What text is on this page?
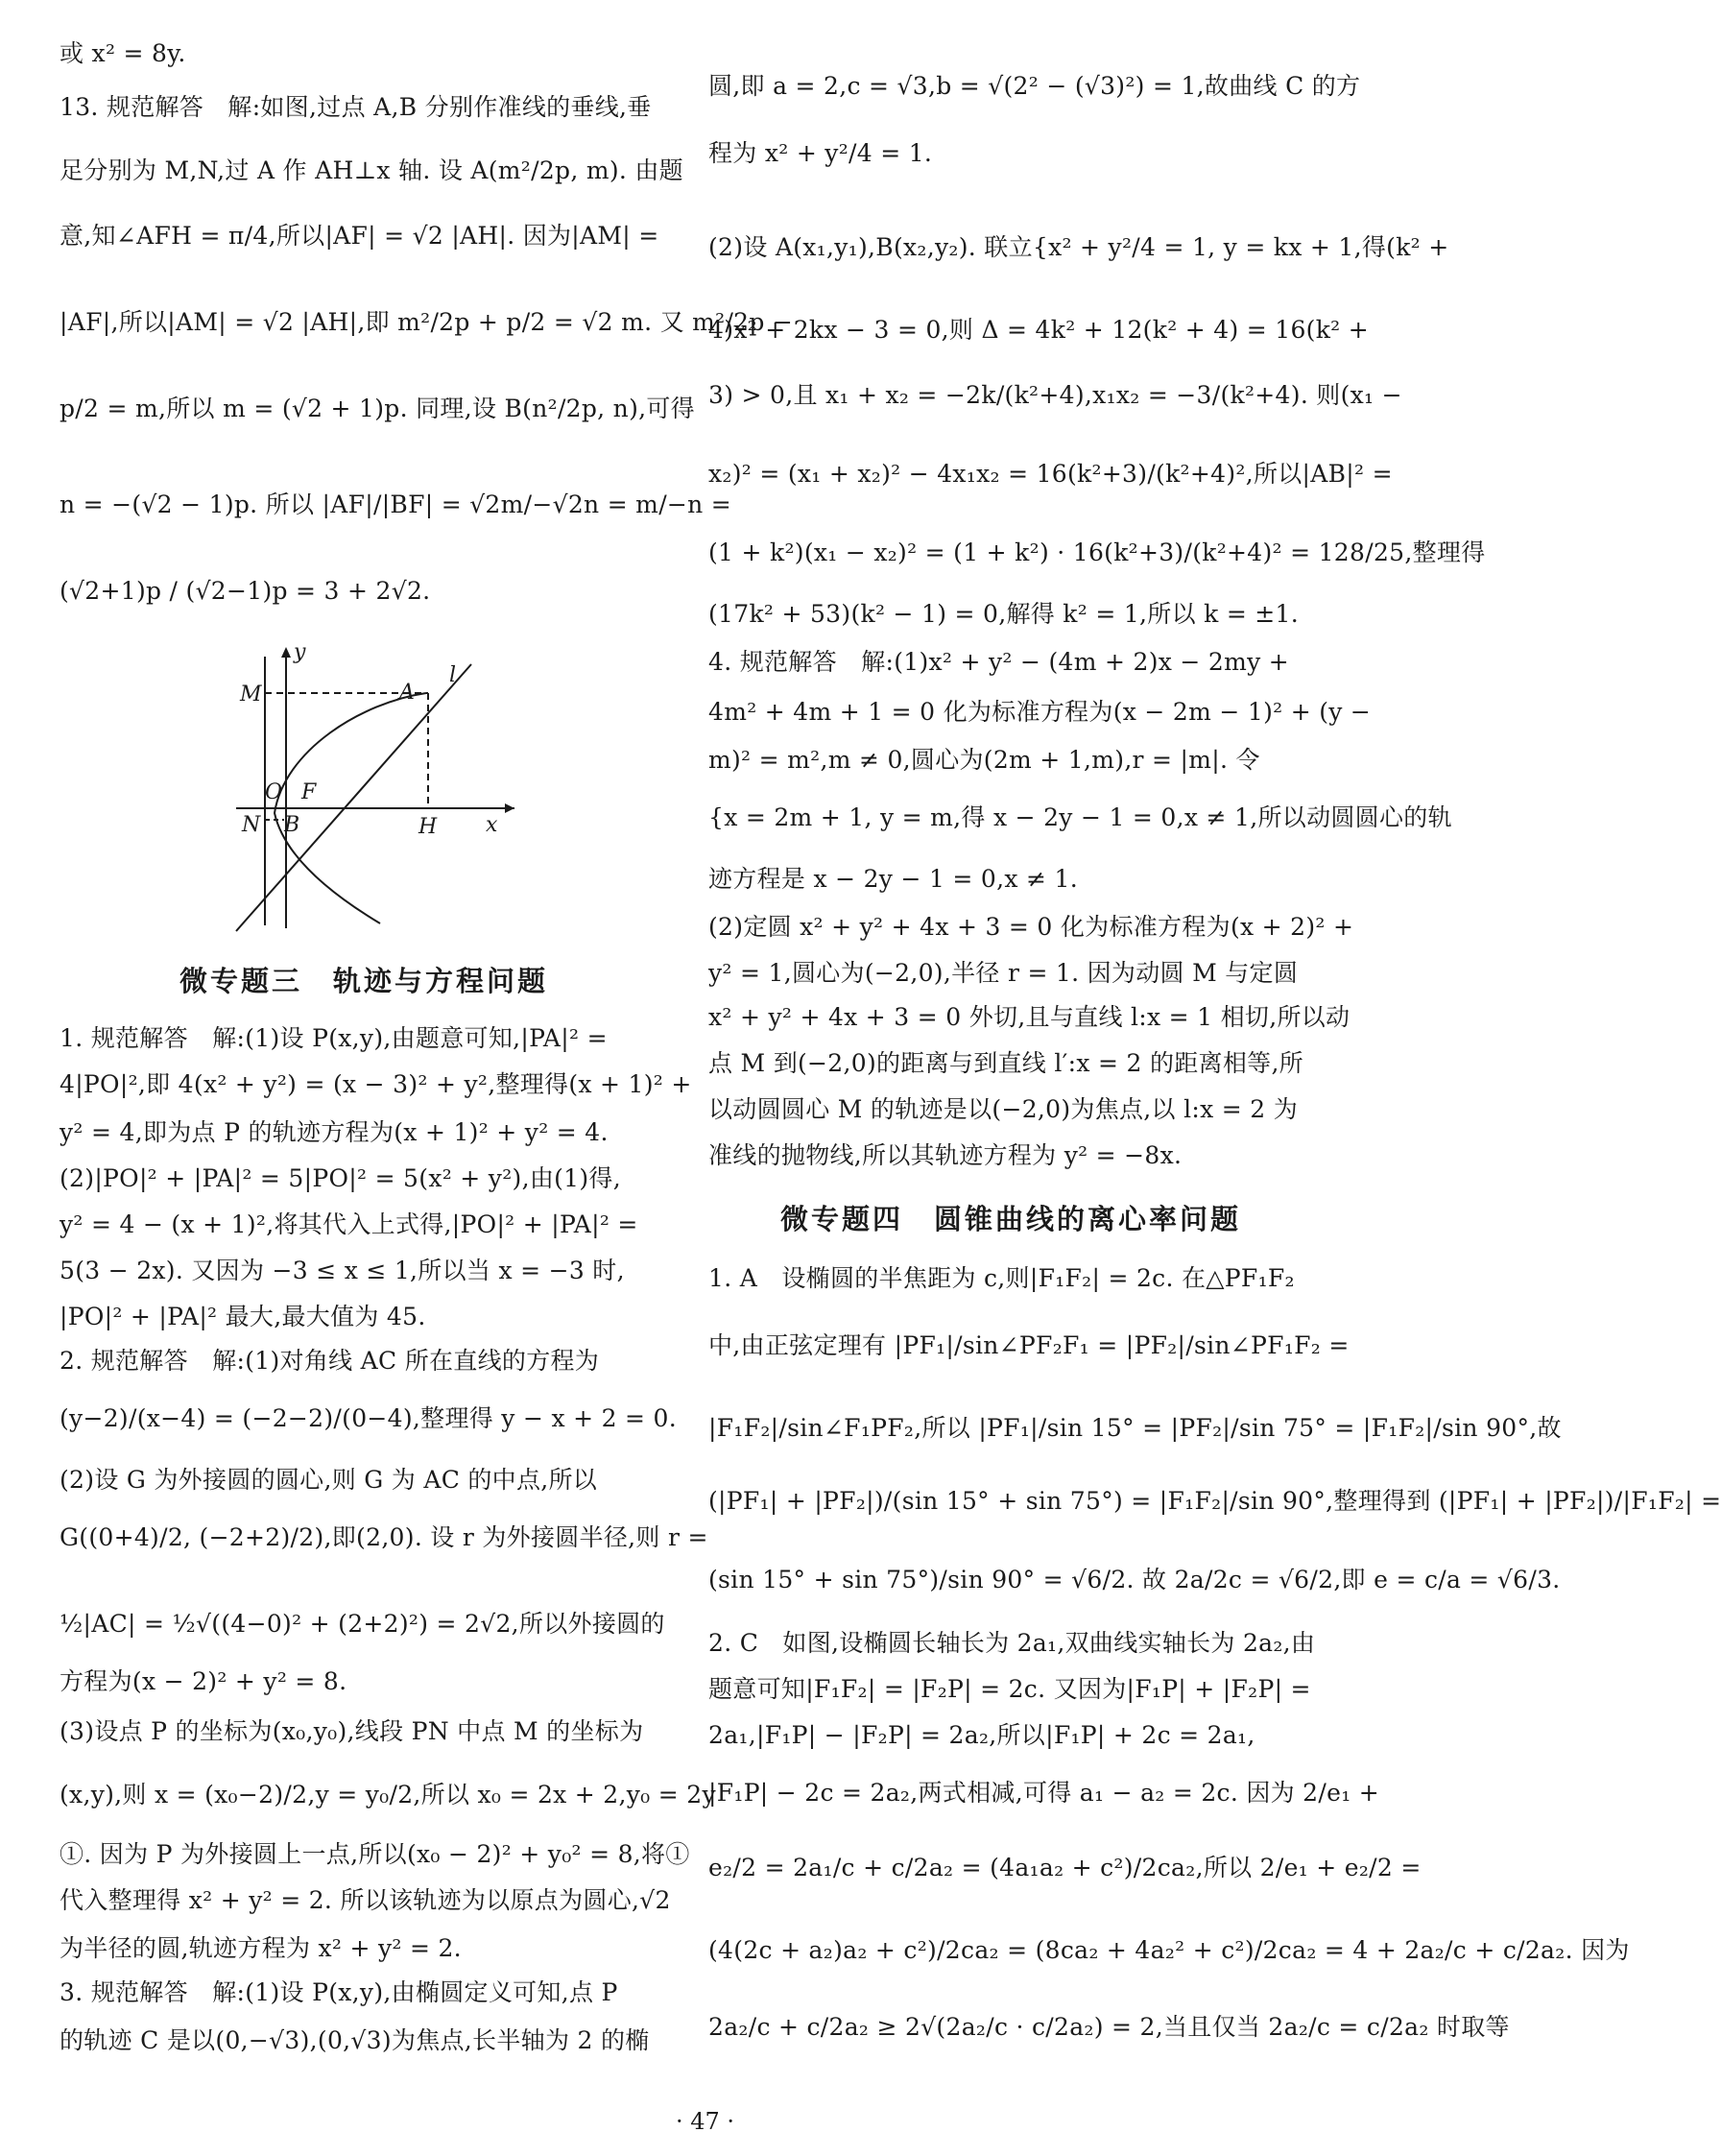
或 x² = 8y.
13. 规范解答　解:如图,过点 A,B 分别作准线的垂线,垂
足分别为 M,N,过 A 作 AH⊥x 轴. 设 A(m²/2p, m). 由题
意,知∠AFH = π/4,所以|AF| = √2 |AH|. 因为|AM| =
|AF|,所以|AM| = √2 |AH|,即 m²/2p + p/2 = √2 m. 又 m²/2p −
p/2 = m,所以 m = (√2 + 1)p. 同理,设 B(n²/2p, n),可得
n = −(√2 − 1)p. 所以 |AF|/|BF| = √2m/−√2n = m/−n =
(√2+1)p / (√2−1)p = 3 + 2√2.
1. 规范解答　解:(1)设 P(x,y),由题意可知,|PA|² =
4|PO|²,即 4(x² + y²) = (x − 3)² + y²,整理得(x + 1)² +
y² = 4,即为点 P 的轨迹方程为(x + 1)² + y² = 4.
(2)|PO|² + |PA|² = 5|PO|² = 5(x² + y²),由(1)得,
y² = 4 − (x + 1)²,将其代入上式得,|PO|² + |PA|² =
5(3 − 2x). 又因为 −3 ≤ x ≤ 1,所以当 x = −3 时,
|PO|² + |PA|² 最大,最大值为 45.
2. 规范解答　解:(1)对角线 AC 所在直线的方程为
(y−2)/(x−4) = (−2−2)/(0−4),整理得 y − x + 2 = 0.
(2)设 G 为外接圆的圆心,则 G 为 AC 的中点,所以
G((0+4)/2, (−2+2)/2),即(2,0). 设 r 为外接圆半径,则 r =
½|AC| = ½√((4−0)² + (2+2)²) = 2√2,所以外接圆的
方程为(x − 2)² + y² = 8.
(3)设点 P 的坐标为(x₀,y₀),线段 PN 中点 M 的坐标为
(x,y),则 x = (x₀−2)/2,y = y₀/2,所以 x₀ = 2x + 2,y₀ = 2y
①. 因为 P 为外接圆上一点,所以(x₀ − 2)² + y₀² = 8,将①
代入整理得 x² + y² = 2. 所以该轨迹为以原点为圆心,√2
为半径的圆,轨迹方程为 x² + y² = 2.
3. 规范解答　解:(1)设 P(x,y),由椭圆定义可知,点 P
的轨迹 C 是以(0,−√3),(0,√3)为焦点,长半轴为 2 的椭
微专题三　轨迹与方程问题
y
M	A
l
O F
H x
N B
圆,即 a = 2,c = √3,b = √(2² − (√3)²) = 1,故曲线 C 的方
程为 x² + y²/4 = 1.
(2)设 A(x₁,y₁),B(x₂,y₂). 联立{x² + y²/4 = 1, y = kx + 1,得(k² +
4)x² + 2kx − 3 = 0,则 Δ = 4k² + 12(k² + 4) = 16(k² +
3) > 0,且 x₁ + x₂ = −2k/(k²+4),x₁x₂ = −3/(k²+4). 则(x₁ −
x₂)² = (x₁ + x₂)² − 4x₁x₂ = 16(k²+3)/(k²+4)²,所以|AB|² =
(1 + k²)(x₁ − x₂)² = (1 + k²) · 16(k²+3)/(k²+4)² = 128/25,整理得
(17k² + 53)(k² − 1) = 0,解得 k² = 1,所以 k = ±1.
4. 规范解答　解:(1)x² + y² − (4m + 2)x − 2my +
4m² + 4m + 1 = 0 化为标准方程为(x − 2m − 1)² + (y −
m)² = m²,m ≠ 0,圆心为(2m + 1,m),r = |m|. 令
{x = 2m + 1, y = m,得 x − 2y − 1 = 0,x ≠ 1,所以动圆圆心的轨
迹方程是 x − 2y − 1 = 0,x ≠ 1.
(2)定圆 x² + y² + 4x + 3 = 0 化为标准方程为(x + 2)² +
y² = 1,圆心为(−2,0),半径 r = 1. 因为动圆 M 与定圆
x² + y² + 4x + 3 = 0 外切,且与直线 l:x = 1 相切,所以动
点 M 到(−2,0)的距离与到直线 l′:x = 2 的距离相等,所
以动圆圆心 M 的轨迹是以(−2,0)为焦点,以 l:x = 2 为
准线的抛物线,所以其轨迹方程为 y² = −8x.
1. A　设椭圆的半焦距为 c,则|F₁F₂| = 2c. 在△PF₁F₂
中,由正弦定理有 |PF₁|/sin∠PF₂F₁ = |PF₂|/sin∠PF₁F₂ =
|F₁F₂|/sin∠F₁PF₂,所以 |PF₁|/sin 15° = |PF₂|/sin 75° = |F₁F₂|/sin 90°,故
(|PF₁| + |PF₂|)/(sin 15° + sin 75°) = |F₁F₂|/sin 90°,整理得到 (|PF₁| + |PF₂|)/|F₁F₂| =
(sin 15° + sin 75°)/sin 90° = √6/2. 故 2a/2c = √6/2,即 e = c/a = √6/3.
2. C　如图,设椭圆长轴长为 2a₁,双曲线实轴长为 2a₂,由
题意可知|F₁F₂| = |F₂P| = 2c. 又因为|F₁P| + |F₂P| =
2a₁,|F₁P| − |F₂P| = 2a₂,所以|F₁P| + 2c = 2a₁,
|F₁P| − 2c = 2a₂,两式相减,可得 a₁ − a₂ = 2c. 因为 2/e₁ +
e₂/2 = 2a₁/c + c/2a₂ = (4a₁a₂ + c²)/2ca₂,所以 2/e₁ + e₂/2 =
(4(2c + a₂)a₂ + c²)/2ca₂ = (8ca₂ + 4a₂² + c²)/2ca₂ = 4 + 2a₂/c + c/2a₂. 因为
2a₂/c + c/2a₂ ≥ 2√(2a₂/c · c/2a₂) = 2,当且仅当 2a₂/c = c/2a₂ 时取等
微专题四　圆锥曲线的离心率问题
· 47 ·
